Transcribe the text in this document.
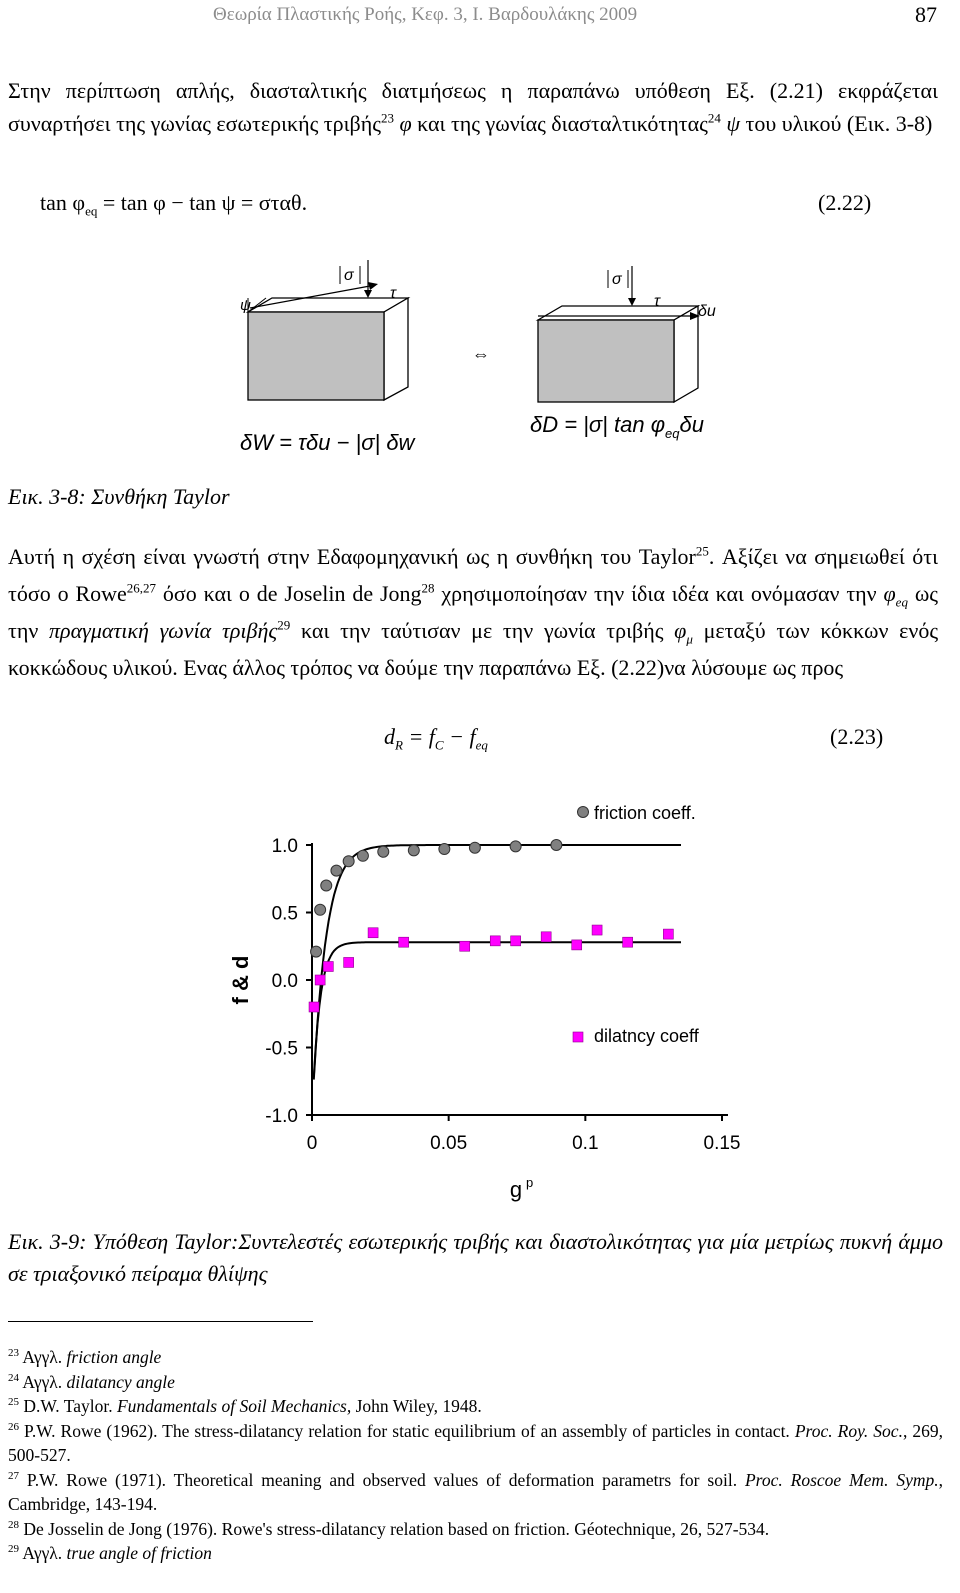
Θεωρία Πλαστικής Ροής, Κεφ. 3, Ι. Βαρδουλάκης 2009	87

Στην περίπτωση απλής, διασταλτικής διατμήσεως η παραπάνω υπόθεση Εξ. (2.21) εκφράζεται συναρτήσει της γωνίας εσωτερικής τριβής$^{23}$ φ και της γωνίας διασταλτικότητας$^{24}$ ψ του υλικού (Εικ. 3-8)

$\tan \varphi_{eq} = \tan \varphi - \tan \psi = \sigma\tau\alpha\theta$.	(2.22)
σ
τ
ψ
δW = τδu − |σ| δw
⇔
σ
τ
δu
δD = |σ| $\tan \varphi_{eq}\delta u$
Εικ. 3-8: Συνθήκη Taylor

Αυτή η σχέση είναι γνωστή στην Εδαφομηχανική ως η συνθήκη του Taylor$^{25}$. Αξίζει να σημειωθεί ότι τόσο ο Rowe$^{26,27}$ όσο και ο de Joselin de Jong$^{28}$ χρησιμοποίησαν την ίδια ιδέα και ονόμασαν την $\varphi_{eq}$ ως την πραγματική γωνία τριβής$^{29}$ και την ταύτισαν με την γωνία τριβής $\varphi_\mu$ μεταξύ των κόκκων ενός κοκκώδους υλικού. Ενας άλλος τρόπος να δούμε την παραπάνω Εξ. (2.22)να λύσουμε ως προς

$d_R = f_C - f_{eq}$	(2.23)
1.0
0.5
0.0
-0.5
-1.0
0	0.05	0.1	0.15
f & d
g p
friction coeff.
dilatncy coeff
Εικ. 3-9: Υπόθεση Taylor:Συντελεστές εσωτερικής τριβής και διαστολικότητας για μία μετρίως πυκνή άμμο σε τριαξονικό πείραμα θλίψης
$^{23}$ Αγγλ. friction angle
$^{24}$ Αγγλ. dilatancy angle
$^{25}$ D.W. Taylor. Fundamentals of Soil Mechanics, John Wiley, 1948.
$^{26}$ P.W. Rowe (1962). The stress-dilatancy relation for static equilibrium of an assembly of particles in contact. Proc. Roy. Soc., 269, 500-527.
$^{27}$ P.W. Rowe (1971). Theoretical meaning and observed values of deformation parametrs for soil. Proc. Roscoe Mem. Symp., Cambridge, 143-194.
$^{28}$ De Josselin de Jong (1976). Rowe's stress-dilatancy relation based on friction. Géotechnique, 26, 527-534.
$^{29}$ Αγγλ. true angle of friction
